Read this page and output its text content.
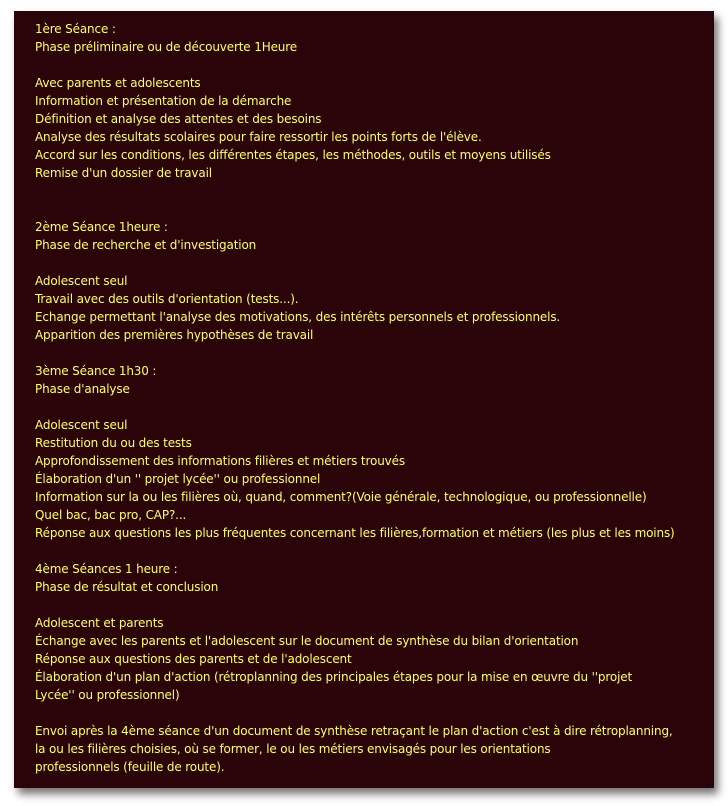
1ère Séance :
Phase préliminaire ou de découverte 1Heure
Avec parents et adolescents
Information et présentation de la démarche
Définition et analyse des attentes et des besoins
Analyse des résultats scolaires pour faire ressortir les points forts de l'élève.
Accord sur les conditions, les différentes étapes, les méthodes, outils et moyens utilisés
Remise d'un dossier de travail
2ème Séance 1heure :
Phase de recherche et d'investigation
Adolescent seul
Travail avec des outils d'orientation (tests...).
Echange permettant l'analyse des motivations, des intérêts personnels et professionnels.
Apparition des premières hypothèses de travail
3ème Séance 1h30 :
Phase d'analyse
Adolescent seul
Restitution du ou des tests
Approfondissement des informations filières et métiers trouvés
Élaboration d'un '' projet lycée'' ou professionnel
Information sur la ou les filières où, quand, comment?(Voie générale, technologique, ou professionnelle)
Quel bac, bac pro, CAP?...
Réponse aux questions les plus fréquentes concernant les filières,formation et métiers (les plus et les moins)
4ème Séances 1 heure :
Phase de résultat et conclusion
Adolescent et parents
Échange avec les parents et l'adolescent sur le document de synthèse du bilan d'orientation
Réponse aux questions des parents et de l'adolescent
Élaboration d'un plan d'action (rétroplanning des principales étapes pour la mise en œuvre du ''projet
Lycée'' ou professionnel)
Envoi après la 4ème séance d'un document de synthèse retraçant le plan d'action c'est à dire rétroplanning,
la ou les filières choisies, où se former, le ou les métiers envisagés pour les orientations
professionnels (feuille de route).
